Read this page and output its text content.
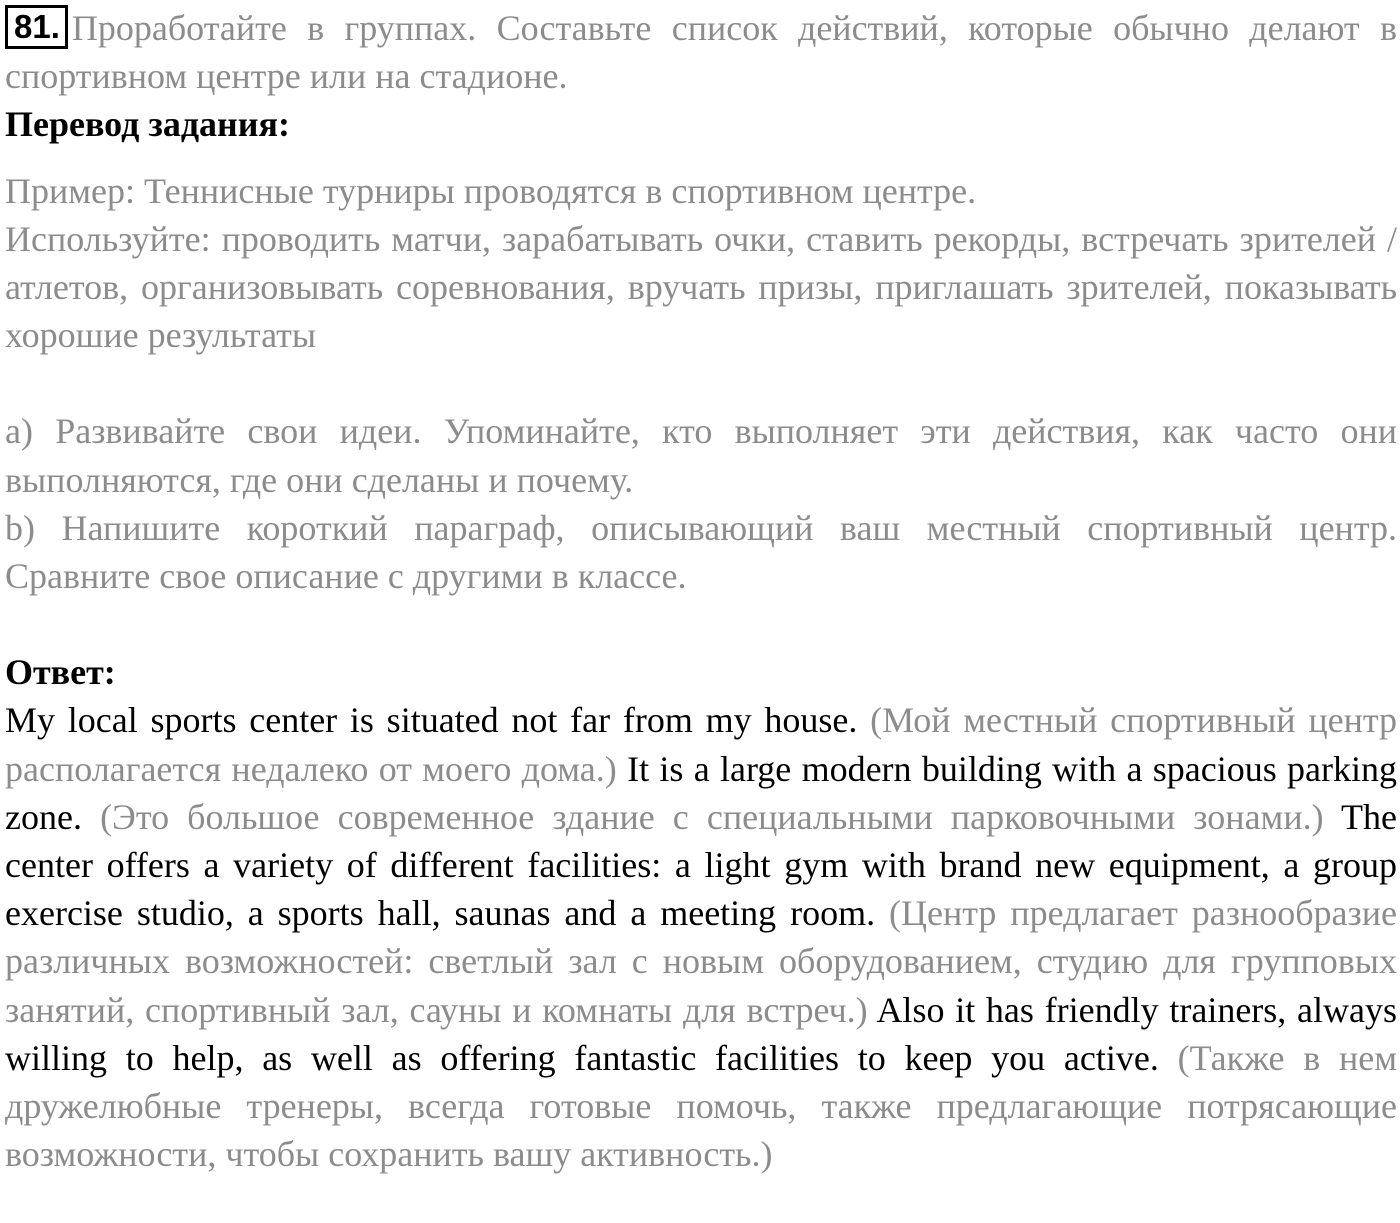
81. Проработайте в группах. Составьте список действий, которые обычно делают в спортивном центре или на стадионе.

Перевод задания:

Пример: Теннисные турниры проводятся в спортивном центре.

Используйте: проводить матчи, зарабатывать очки, ставить рекорды, встречать зрителей / атлетов, организовывать соревнования, вручать призы, приглашать зрителей, показывать хорошие результаты

a) Развивайте свои идеи. Упоминайте, кто выполняет эти действия, как часто они выполняются, где они сделаны и почему.

b) Напишите короткий параграф, описывающий ваш местный спортивный центр. Сравните свое описание с другими в классе.

Ответ:

My local sports center is situated not far from my house. (Мой местный спортивный центр располагается недалеко от моего дома.) It is a large modern building with a spacious parking zone. (Это большое современное здание с специальными парковочными зонами.) The center offers a variety of different facilities: a light gym with brand new equipment, a group exercise studio, a sports hall, saunas and a meeting room. (Центр предлагает разнообразие различных возможностей: светлый зал с новым оборудованием, студию для групповых занятий, спортивный зал, сауны и комнаты для встреч.) Also it has friendly trainers, always willing to help, as well as offering fantastic facilities to keep you active. (Также в нем дружелюбные тренеры, всегда готовые помочь, также предлагающие потрясающие возможности, чтобы сохранить вашу активность.)
